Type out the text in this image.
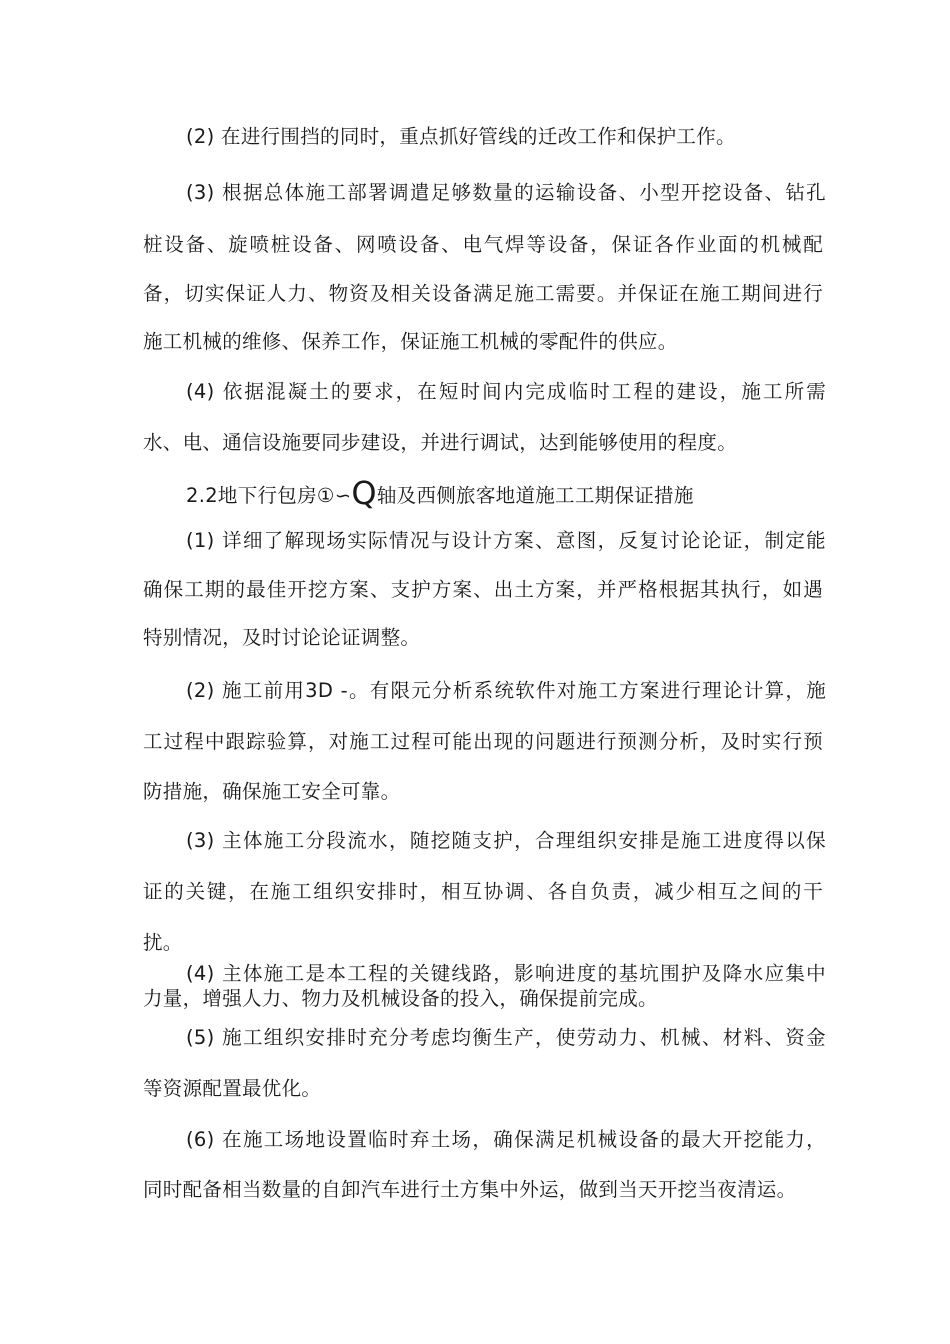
(2) 在进行围挡的同时，重点抓好管线的迁改工作和保护工作。
(3) 根据总体施工部署调遣足够数量的运输设备、小型开挖设备、钻孔
桩设备、旋喷桩设备、网喷设备、电气焊等设备，保证各作业面的机械配
备，切实保证人力、物资及相关设备满足施工需要。并保证在施工期间进行
施工机械的维修、保养工作，保证施工机械的零配件的供应。
(4) 依据混凝土的要求，在短时间内完成临时工程的建设，施工所需
水、电、通信设施要同步建设，并进行调试，达到能够使用的程度。
2.2地下行包房①∽Q轴及西侧旅客地道施工工期保证措施
(1) 详细了解现场实际情况与设计方案、意图，反复讨论论证，制定能
确保工期的最佳开挖方案、支护方案、出土方案，并严格根据其执行，如遇
特别情况，及时讨论论证调整。
(2) 施工前用3D -。有限元分析系统软件对施工方案进行理论计算，施
工过程中跟踪验算，对施工过程可能出现的问题进行预测分析，及时实行预
防措施，确保施工安全可靠。
(3) 主体施工分段流水，随挖随支护，合理组织安排是施工进度得以保
证的关键，在施工组织安排时，相互协调、各自负责，减少相互之间的干
扰。
(4) 主体施工是本工程的关键线路，影响进度的基坑围护及降水应集中
力量，增强人力、物力及机械设备的投入，确保提前完成。
(5) 施工组织安排时充分考虑均衡生产，使劳动力、机械、材料、资金
等资源配置最优化。
(6) 在施工场地设置临时弃土场，确保满足机械设备的最大开挖能力，
同时配备相当数量的自卸汽车进行土方集中外运，做到当天开挖当夜清运。
